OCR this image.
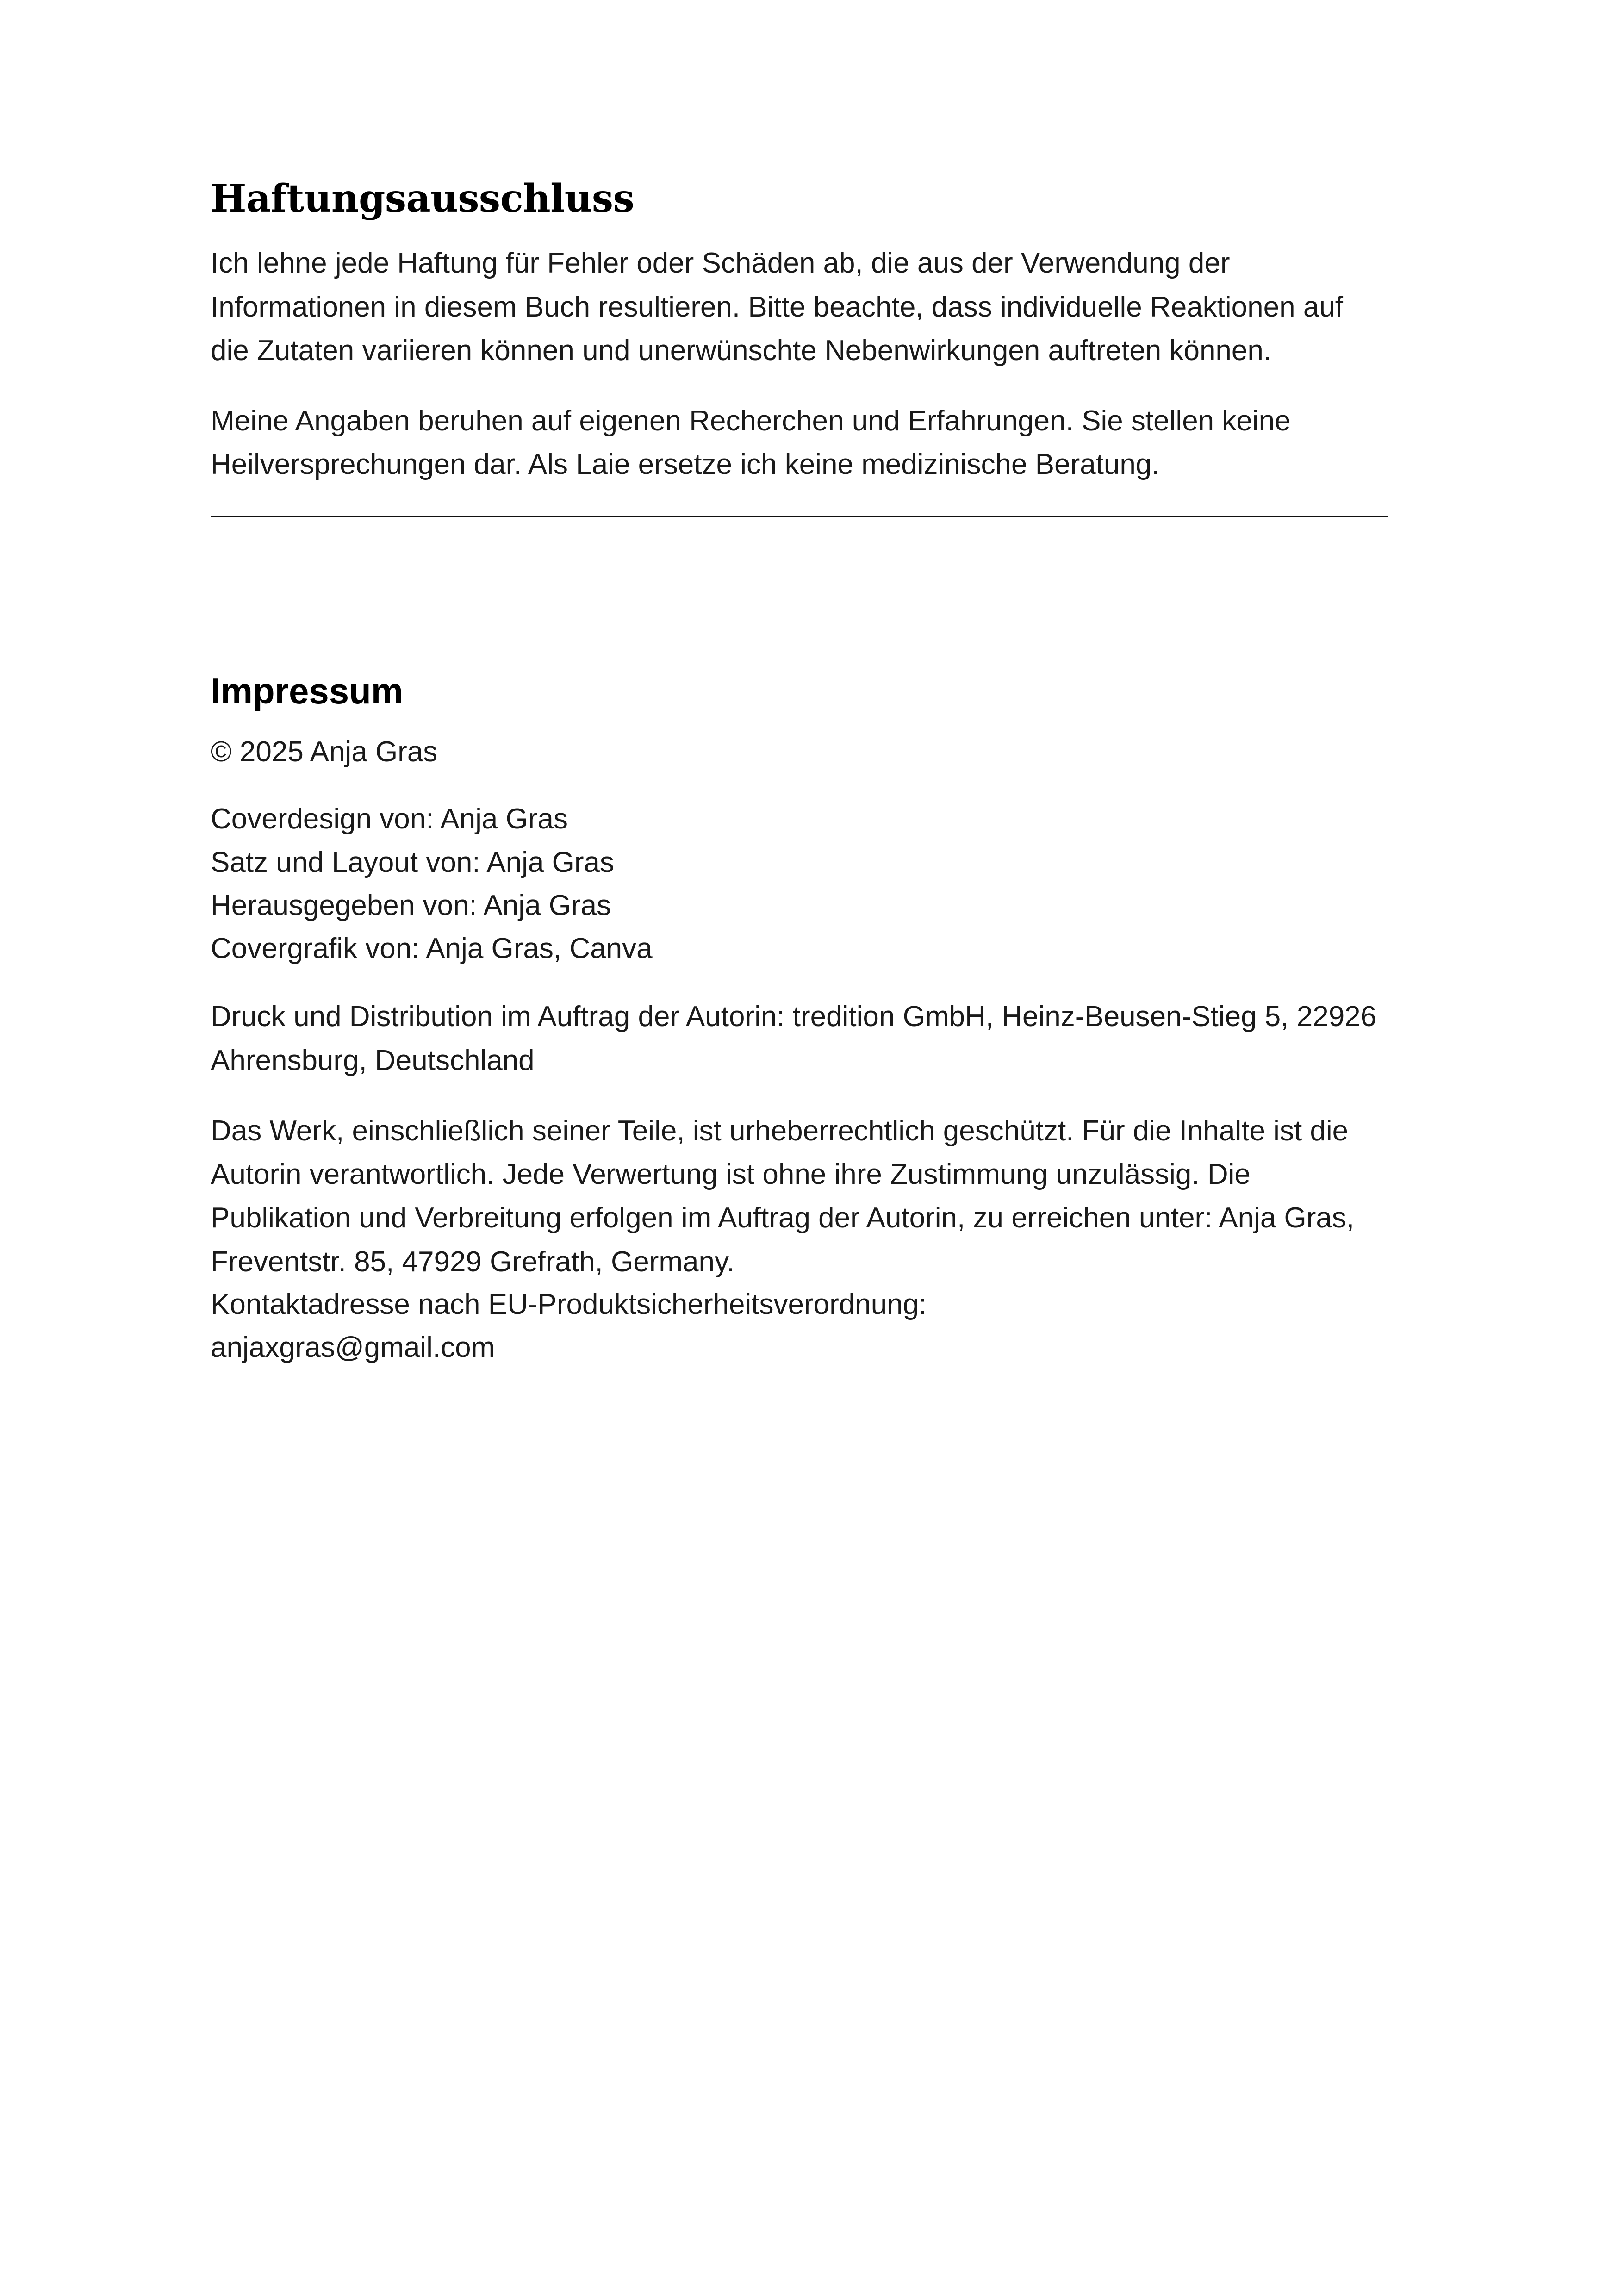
Haftungsausschluss

Ich lehne jede Haftung für Fehler oder Schäden ab, die aus der Verwendung der Informationen in diesem Buch resultieren. Bitte beachte, dass individuelle Reaktionen auf die Zutaten variieren können und unerwünschte Nebenwirkungen auftreten können.

Meine Angaben beruhen auf eigenen Recherchen und Erfahrungen. Sie stellen keine Heilversprechungen dar. Als Laie ersetze ich keine medizinische Beratung.

Impressum

© 2025 Anja Gras

Coverdesign von: Anja Gras

Satz und Layout von: Anja Gras

Herausgegeben von: Anja Gras

Covergrafik von: Anja Gras, Canva

Druck und Distribution im Auftrag der Autorin: tredition GmbH, Heinz-Beusen-Stieg 5, 22926 Ahrensburg, Deutschland

Das Werk, einschließlich seiner Teile, ist urheberrechtlich geschützt. Für die Inhalte ist die Autorin verantwortlich. Jede Verwertung ist ohne ihre Zustimmung unzulässig. Die Publikation und Verbreitung erfolgen im Auftrag der Autorin, zu erreichen unter: Anja Gras, Freventstr. 85, 47929 Grefrath, Germany.

Kontaktadresse nach EU-Produktsicherheitsverordnung:

anjaxgras@gmail.com
